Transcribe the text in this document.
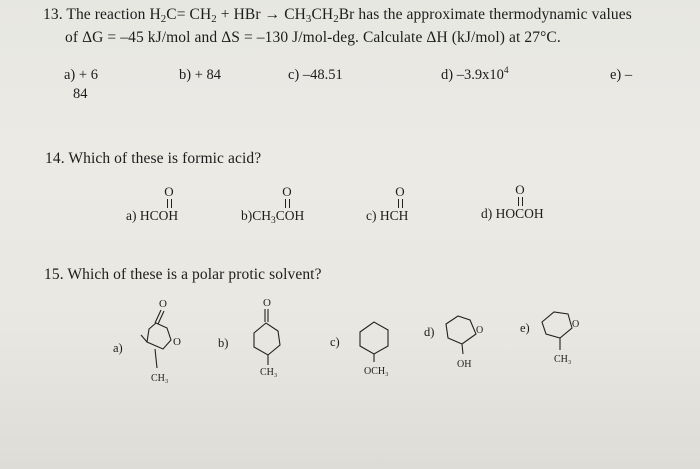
13. The reaction $H_2C= CH_2$ + HBr → $CH_3CH_2Br$ has the approximate thermodynamic values
of ΔG = –45 kJ/mol and ΔS = –130 J/mol-deg. Calculate ΔH (kJ/mol) at 27°C.
a) + 6
84
b) + 84	c) –48.51	d) $-3.9x10^4$	e) –
14. Which of these is formic acid?
O
a) HCOH
O
$b)CH_3COH$
O
c) HCH
O
d) HOCOH
15. Which of these is a polar protic solvent?
a)
O
O
CH₃
b)
O
CH₃
c)
OCH₃
d)	O
OH
e)	O
CH₃
